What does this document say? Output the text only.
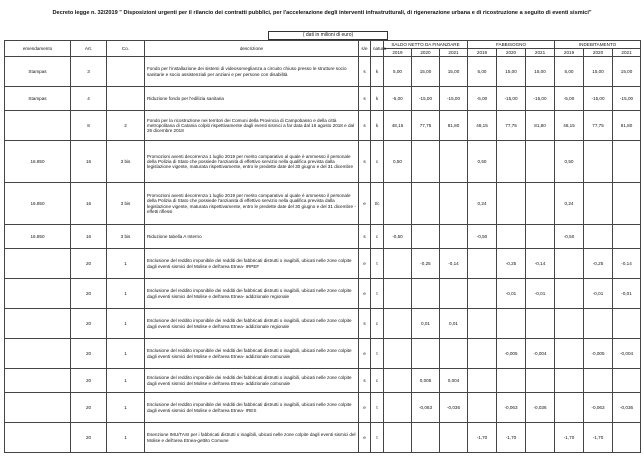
Decreto legge n. 32/2019 " Disposizioni urgenti per il rilancio dei contratti pubblici, per l'accelerazione degli interventi infrastrutturali, di rigenerazione urbana e di ricostruzione a seguito di eventi sismici"
( dati in milioni di euro)
emendamento	Art.	Co.	descrizione	s/e	natura	SALDO NETTO DA FINANZIARE			FABBISOGNO			INDEBITAMENTO		
						2019	2020	2021	2019	2020	2021	2019	2020	2021
Stampas	3		Fondo per l'installazione dei sistemi di videosorveglianza a circuito chiuso presso le strutture socio sanitarie e socio assistenziali per anziani e per persone con disabilità	s	k	5,00	15,00	15,00	5,00	15,00	15,00	5,00	15,00	15,00
Stampas	4		Riduzione fondo per l'edilizia sanitaria	s	k	-5,00	-15,00	-15,00	-5,00	-15,00	-15,00	-5,00	-15,00	-15,00
	8	2	Fondo per la ricostruzione nei territori dei Comuni della Provincia di Campobasso e della città metropolitana di Catania colpiti rispettivamente dagli eventi sismici a far data dal 16 agosto 2018 e dal 26 dicembre 2018	s	k	48,15	77,75	81,80	48,15	77,75	81,80	48,15	77,75	81,80
16.850	16	3 bis	Promozioni aventi decorrenza 1 luglio 2019 per merito comparativo al quale è ammesso il personale della Polizia di Stato che possiede l'anzianità di effettivo servizio nella qualifica prevista dalla legislazione vigente, maturata rispettivamente, entro le predette date del 30 giugno e del 31 dicembre	s	c	0,50			0,50			0,50		
16.850	16	3 bis	Promozioni aventi decorrenza 1 luglio 2019 per merito comparativo al quale è ammesso il personale della Polizia di Stato che possiede l'anzianità di effettivo servizio nella qualifica prevista dalla legislazione vigente, maturata rispettivamente, entro le predette date del 30 giugno e del 31 dicembre - effetti riflessi	e	t/c				0,24			0,24		
16.850	16	3 bis	Riduzione tabella A Interno	s	c	-0,50			-0,50			-0,50		
	20	1	Esclusione del reddito imponibile dei redditi dei fabbricati distrutti o inagibili, ubicati nelle zone colpite dagli eventi sismici del Molise e dell'area Etnea- IRPEF	e	t		-0,25	-0,14		-0,25	-0,14		-0,25	-0,14
	20	1	Esclusione del reddito imponibile dei redditi dei fabbricati distrutti o inagibili, ubicati nelle zone colpite dagli eventi sismici del Molise e dell'area Etnea- addizionale regionale	e	t					-0,01	-0,01		-0,01	-0,01
	20	1	Esclusione del reddito imponibile dei redditi dei fabbricati distrutti o inagibili, ubicati nelle zone colpite dagli eventi sismici del Molise e dell'area Etnea- addizionale regionale	s	c		0,01	0,01						
	20	1	Esclusione del reddito imponibile dei redditi dei fabbricati distrutti o inagibili, ubicati nelle zone colpite dagli eventi sismici del Molise e dell'area Etnea- addizionale comunale	e	t					-0,005	-0,004		-0,005	-0,004
	20	1	Esclusione del reddito imponibile dei redditi dei fabbricati distrutti o inagibili, ubicati nelle zone colpite dagli eventi sismici del Molise e dell'area Etnea- addizionale comunale	s	c		0,005	0,004						
	20	1	Esclusione del reddito imponibile dei redditi dei fabbricati distrutti o inagibili, ubicati nelle zone colpite dagli eventi sismici del Molise e dell'area Etnea- IRES	e	t		-0,063	-0,036		-0,063	-0,036		-0,063	-0,036
	20	1	Esenzione IMU/TASI per i fabbricati distrutti o inagibili, ubicati nelle zone colpite dagli eventi sismici del Molise e dell'area Etnea-gettito Comune	e	t				-1,70	-1,70		-1,70	-1,70	
